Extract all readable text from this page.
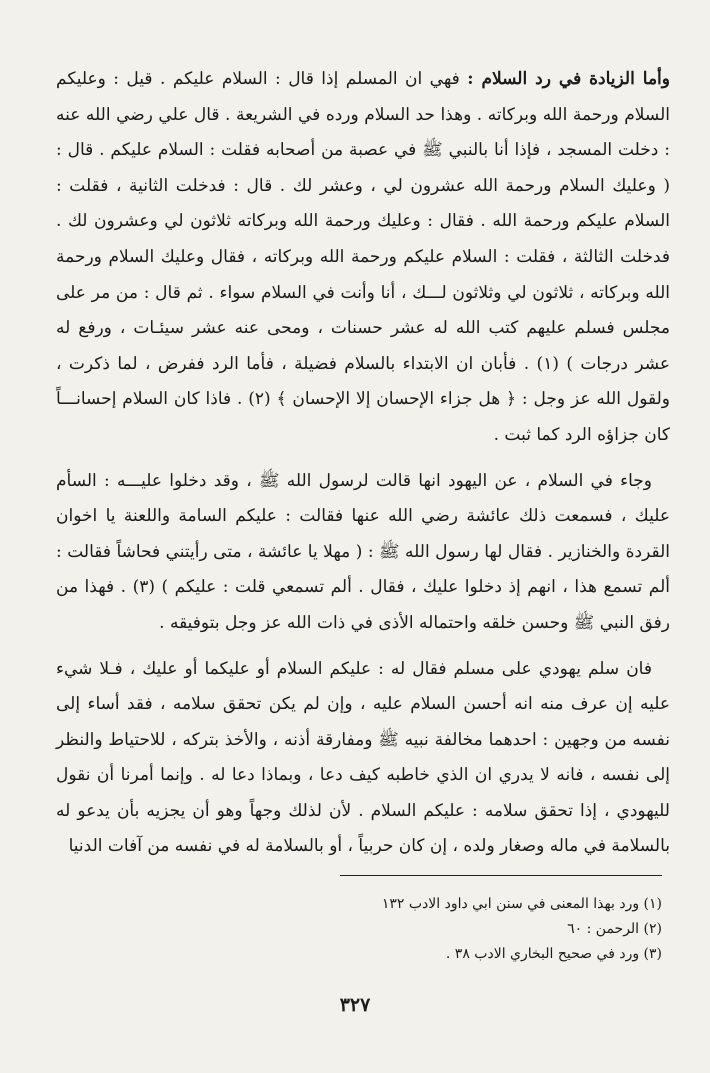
وأما الزيادة في رد السلام : فهي ان المسلم إذا قال : السلام عليكم . قيل : وعليكم السلام ورحمة الله وبركاته . وهذا حد السلام ورده في الشريعة . قال علي رضي الله عنه : دخلت المسجد ، فإذا أنا بالنبي ﷺ في عصبة من أصحابه فقلت : السلام عليكم . قال : ( وعليك السلام ورحمة الله عشرون لي ، وعشر لك . قال : فدخلت الثانية ، فقلت : السلام عليكم ورحمة الله . فقال : وعليك ورحمة الله وبركاته ثلاثون لي وعشرون لك . فدخلت الثالثة ، فقلت : السلام عليكم ورحمة الله وبركاته ، فقال وعليك السلام ورحمة الله وبركاته ، ثلاثون لي وثلاثون لـــك ، أنا وأنت في السلام سواء . ثم قال : من مر على مجلس فسلم عليهم كتب الله له عشر حسنات ، ومحى عنه عشر سيئـات ، ورفع له عشر درجات ) (١) . فأبان ان الابتداء بالسلام فضيلة ، فأما الرد ففرض ، لما ذكرت ، ولقول الله عز وجل : ﴿ هل جزاء الإحسان إلا الإحسان ﴾ (٢) . فاذا كان السلام إحسانـــاً كان جزاؤه الرد كما ثبت .

وجاء في السلام ، عن اليهود انها قالت لرسول الله ﷺ ، وقد دخلوا عليـــه : السأم عليك ، فسمعت ذلك عائشة رضي الله عنها فقالت : عليكم السامة واللعنة يا اخوان القردة والخنازير . فقال لها رسول الله ﷺ : ( مهلا يا عائشة ، متى رأيتني فحاشاً فقالت : ألم تسمع هذا ، انهم إذ دخلوا عليك ، فقال . ألم تسمعي قلت : عليكم ) (٣) . فهذا من رفق النبي ﷺ وحسن خلقه واحتماله الأذى في ذات الله عز وجل بتوفيقه .

فان سلم يهودي على مسلم فقال له : عليكم السلام أو عليكما أو عليك ، فـلا شيء عليه إن عرف منه انه أحسن السلام عليه ، وإن لم يكن تحقق سلامه ، فقد أساء إلى نفسه من وجهين : احدهما مخالفة نبيه ﷺ ومفارقة أذنه ، والأخذ بتركه ، للاحتياط والنظر إلى نفسه ، فانه لا يدري ان الذي خاطبه كيف دعا ، وبماذا دعا له . وإنما أمرنا أن نقول لليهودي ، إذا تحقق سلامه : عليكم السلام . لأن لذلك وجهاً وهو أن يجزيه بأن يدعو له بالسلامة في ماله وصغار ولده ، إن كان حربياً ، أو بالسلامة له في نفسه من آفات الدنيا

(١) ورد بهذا المعنى في سنن ابي داود الادب ١٣٢
(٢) الرحمن : ٦٠
(٣) ورد في صحيح البخاري الادب ٣٨ .
٣٢٧
